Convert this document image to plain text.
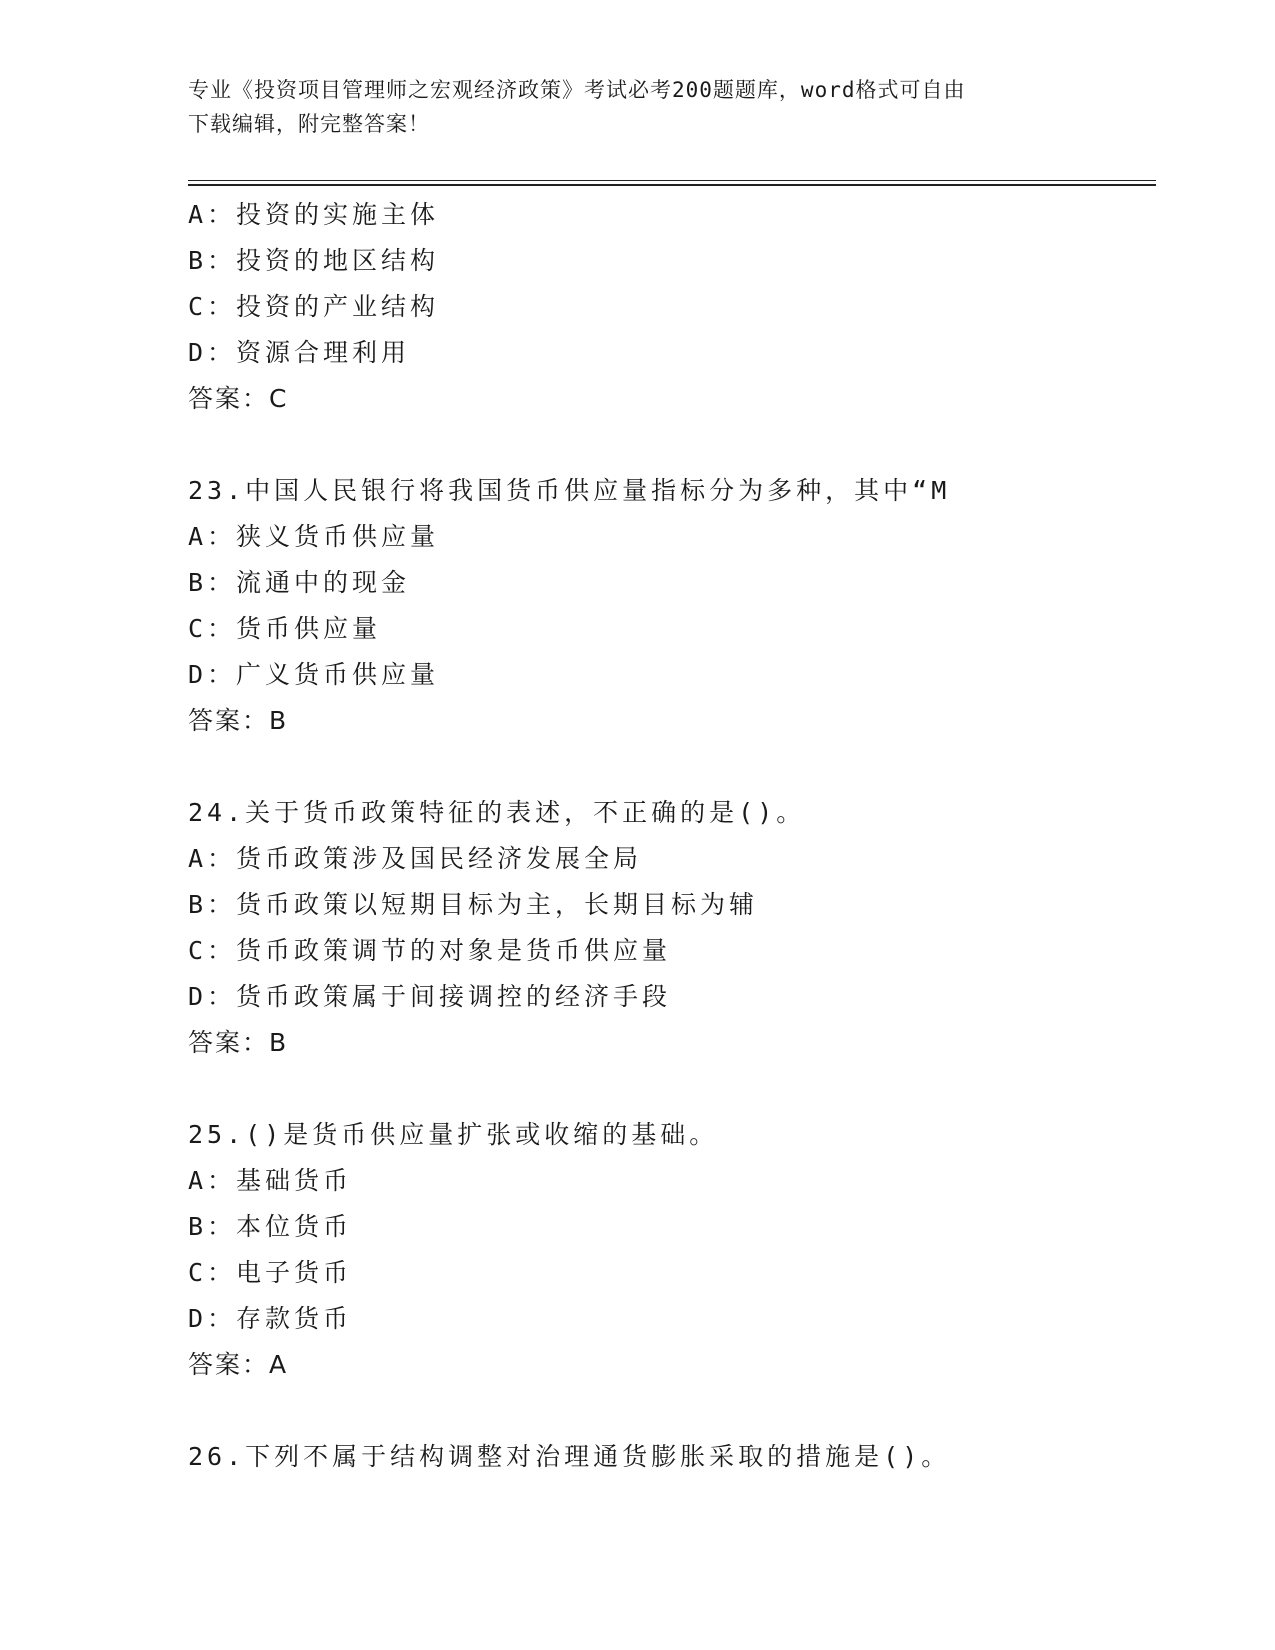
专业《投资项目管理师之宏观经济政策》考试必考200题题库，word格式可自由
下载编辑，附完整答案！
A：投资的实施主体
B：投资的地区结构
C：投资的产业结构
D：资源合理利用
答案：C
23.中国人民银行将我国货币供应量指标分为多种，其中“M
A：狭义货币供应量
B：流通中的现金
C：货币供应量
D：广义货币供应量
答案：B
24.关于货币政策特征的表述，不正确的是()。
A：货币政策涉及国民经济发展全局
B：货币政策以短期目标为主，长期目标为辅
C：货币政策调节的对象是货币供应量
D：货币政策属于间接调控的经济手段
答案：B
25.()是货币供应量扩张或收缩的基础。
A：基础货币
B：本位货币
C：电子货币
D：存款货币
答案：A
26.下列不属于结构调整对治理通货膨胀采取的措施是()。
